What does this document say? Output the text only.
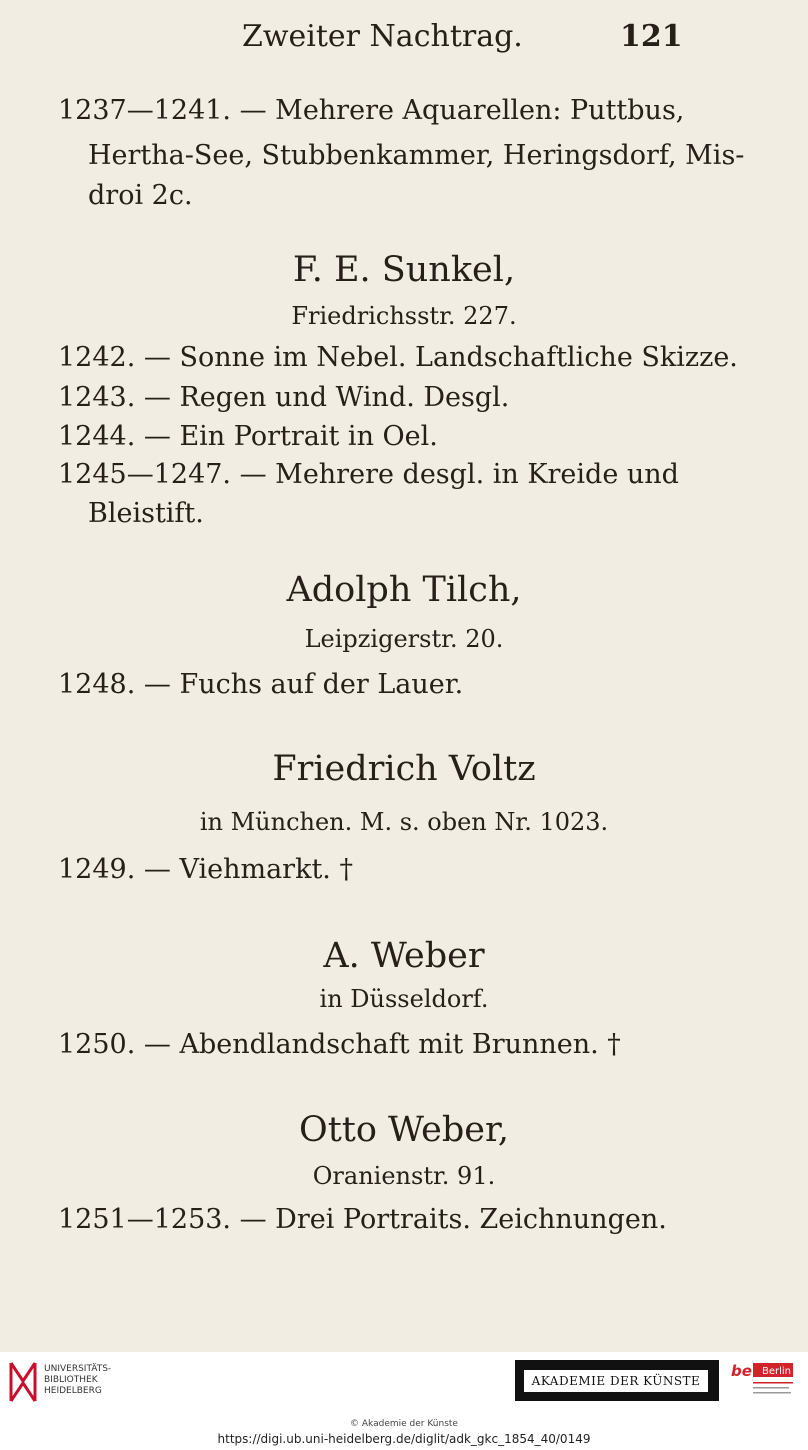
Zweiter Nachtrag.	121
1237—1241. — Mehrere Aquarellen: Puttbus,
Hertha-See, Stubbenkammer, Heringsdorf, Mis-
droi 2c.
F. E. Sunkel,
Friedrichsstr. 227.
1242. — Sonne im Nebel. Landschaftliche Skizze.
1243. — Regen und Wind. Desgl.
1244. — Ein Portrait in Oel.
1245—1247. — Mehrere desgl. in Kreide und
Bleistift.
Adolph Tilch,
Leipzigerstr. 20.
1248. — Fuchs auf der Lauer.
Friedrich Voltz
in München. M. s. oben Nr. 1023.
1249. — Viehmarkt. †
A. Weber
in Düsseldorf.
1250. — Abendlandschaft mit Brunnen. †
Otto Weber,
Oranienstr. 91.
1251—1253. — Drei Portraits. Zeichnungen.
UNIVERSITÄTS-
BIBLIOTHEK
HEIDELBERG
AKADEMIE DER KÜNSTE
be Berlin
© Akademie der Künste
https://digi.ub.uni-heidelberg.de/diglit/adk_gkc_1854_40/0149
